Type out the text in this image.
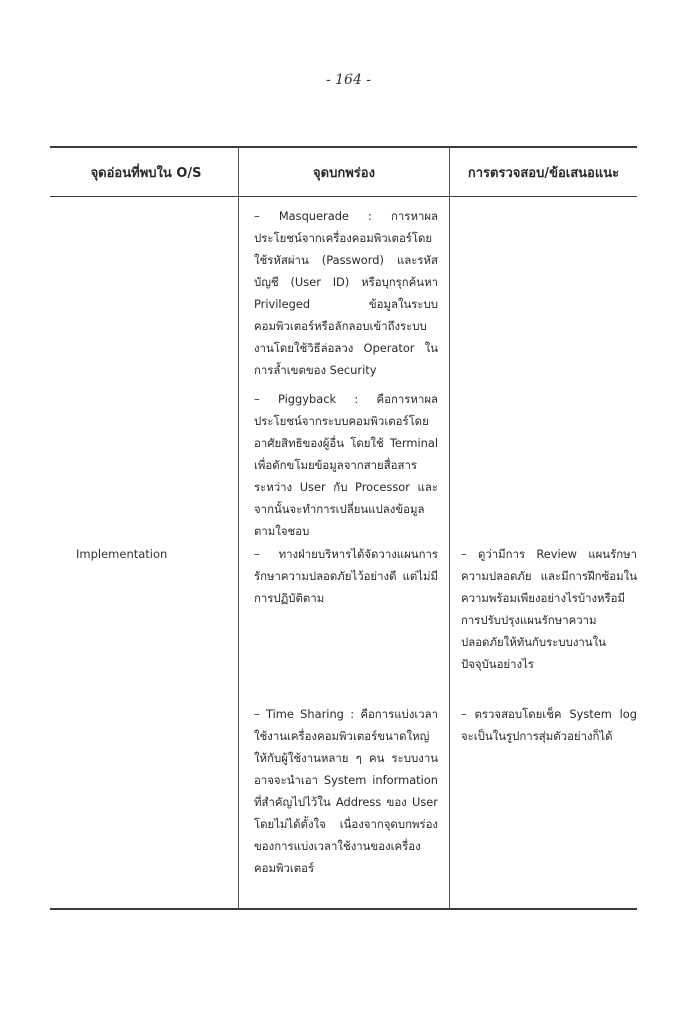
- 164 -
จุดอ่อนที่พบใน O/S	จุดบกพร่อง	การตรวจสอบ/ข้อเสนอแนะ
Implementation
– Masquerade : การหาผลประโยชน์จากเครื่องคอมพิวเตอร์โดยใช้รหัสผ่าน (Password) และรหัสบัญชี (User ID) หรือบุกรุกค้นหา Privileged ข้อมูลในระบบคอมพิวเตอร์หรือลักลอบเข้าถึงระบบงานโดยใช้วิธีล่อลวง Operator ในการล้ำเขตของ Security
– Piggyback : คือการหาผลประโยชน์จากระบบคอมพิวเตอร์โดยอาศัยสิทธิของผู้อื่น โดยใช้ Terminal เพื่อดักขโมยข้อมูลจากสายสื่อสารระหว่าง User กับ Processor และจากนั้นจะทำการเปลี่ยนแปลงข้อมูลตามใจชอบ
– ทางฝ่ายบริหารได้จัดวางแผนการรักษาความปลอดภัยไว้อย่างดี แต่ไม่มีการปฏิบัติตาม
– Time Sharing : คือการแบ่งเวลาใช้งานเครื่องคอมพิวเตอร์ขนาดใหญ่ให้กับผู้ใช้งานหลาย ๆ คน ระบบงานอาจจะนำเอา System information ที่สำคัญไปไว้ใน Address ของ User โดยไม่ได้ตั้งใจ เนื่องจากจุดบกพร่องของการแบ่งเวลาใช้งานของเครื่องคอมพิวเตอร์
– ดูว่ามีการ Review แผนรักษาความปลอดภัย และมีการฝึกซ้อมในความพร้อมเพียงอย่างไรบ้างหรือมีการปรับปรุงแผนรักษาความปลอดภัยให้ทันกับระบบงานในปัจจุบันอย่างไร
– ตรวจสอบโดยเช็ค System log จะเป็นในรูปการสุ่มตัวอย่างก็ได้
